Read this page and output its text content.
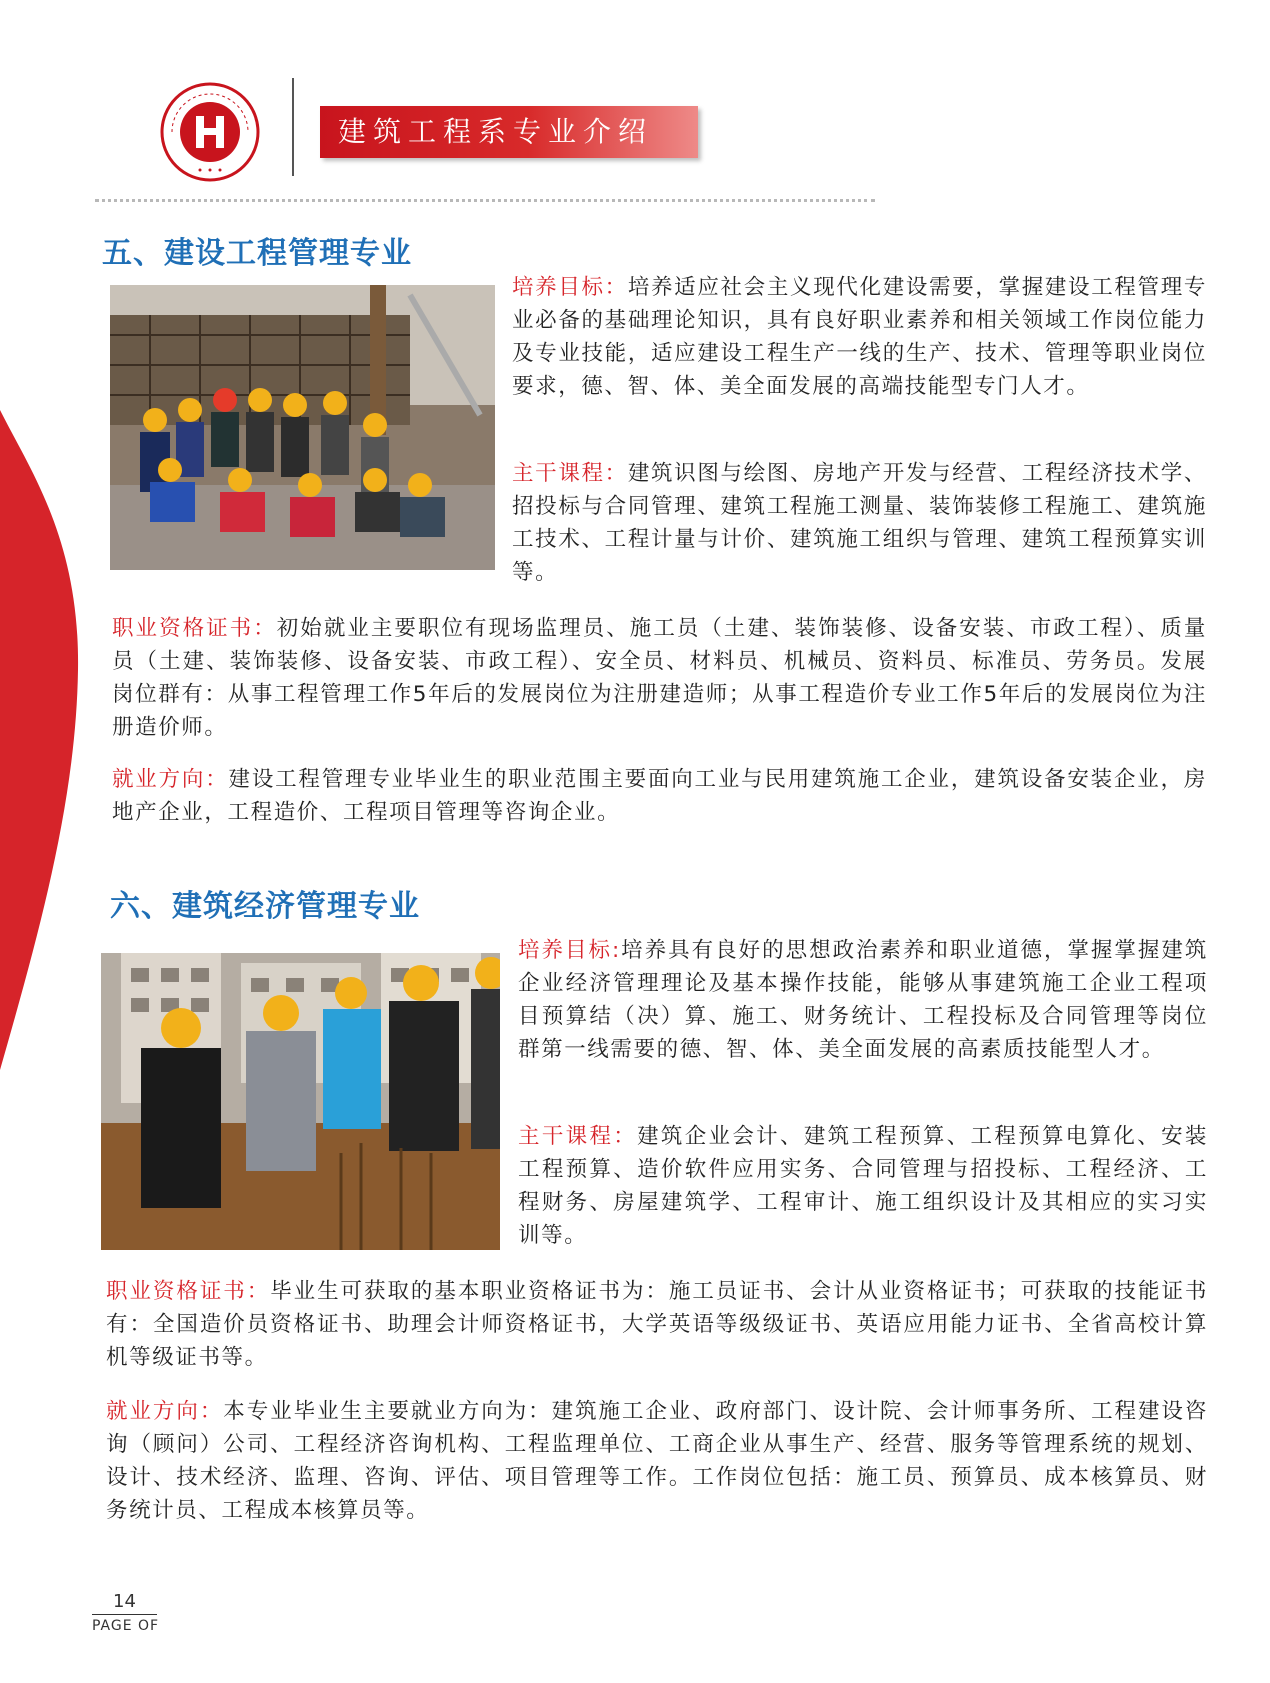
建筑工程系专业介绍
五、建设工程管理专业
培养目标：培养适应社会主义现代化建设需要，掌握建设工程管理专业必备的基础理论知识，具有良好职业素养和相关领域工作岗位能力及专业技能，适应建设工程生产一线的生产、技术、管理等职业岗位要求，德、智、体、美全面发展的高端技能型专门人才。
主干课程：建筑识图与绘图、房地产开发与经营、工程经济技术学、招投标与合同管理、建筑工程施工测量、装饰装修工程施工、建筑施工技术、工程计量与计价、建筑施工组织与管理、建筑工程预算实训等。
职业资格证书：初始就业主要职位有现场监理员、施工员（土建、装饰装修、设备安装、市政工程）、质量员（土建、装饰装修、设备安装、市政工程）、安全员、材料员、机械员、资料员、标准员、劳务员。发展岗位群有：从事工程管理工作5年后的发展岗位为注册建造师；从事工程造价专业工作5年后的发展岗位为注册造价师。
就业方向：建设工程管理专业毕业生的职业范围主要面向工业与民用建筑施工企业，建筑设备安装企业，房地产企业，工程造价、工程项目管理等咨询企业。
六、建筑经济管理专业
培养目标:培养具有良好的思想政治素养和职业道德，掌握掌握建筑企业经济管理理论及基本操作技能，能够从事建筑施工企业工程项目预算结（决）算、施工、财务统计、工程投标及合同管理等岗位群第一线需要的德、智、体、美全面发展的高素质技能型人才。
主干课程：建筑企业会计、建筑工程预算、工程预算电算化、安装工程预算、造价软件应用实务、合同管理与招投标、工程经济、工程财务、房屋建筑学、工程审计、施工组织设计及其相应的实习实训等。
职业资格证书：毕业生可获取的基本职业资格证书为：施工员证书、会计从业资格证书；可获取的技能证书有：全国造价员资格证书、助理会计师资格证书，大学英语等级级证书、英语应用能力证书、全省高校计算机等级证书等。
就业方向：本专业毕业生主要就业方向为：建筑施工企业、政府部门、设计院、会计师事务所、工程建设咨询（顾问）公司、工程经济咨询机构、工程监理单位、工商企业从事生产、经营、服务等管理系统的规划、设计、技术经济、监理、咨询、评估、项目管理等工作。工作岗位包括：施工员、预算员、成本核算员、财务统计员、工程成本核算员等。
14
PAGE OF
